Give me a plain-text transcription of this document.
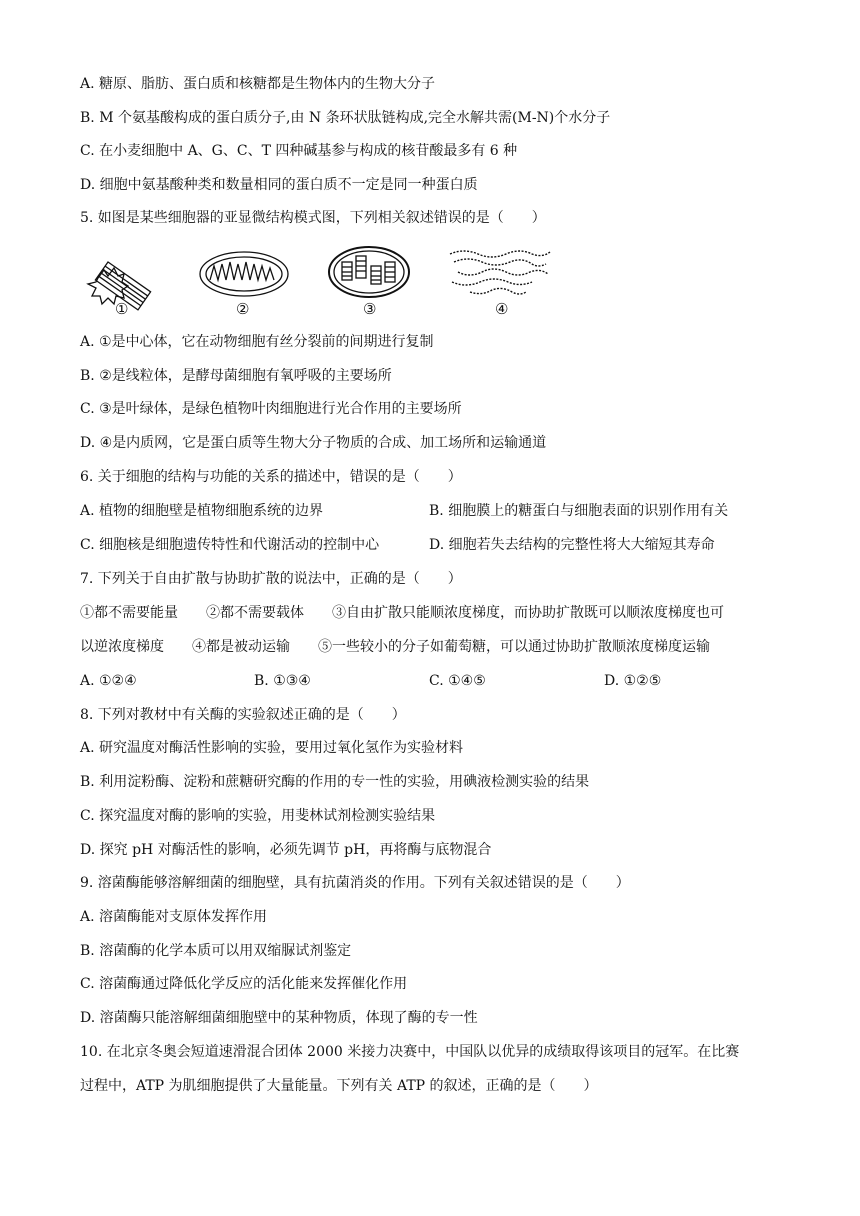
A. 糖原、脂肪、蛋白质和核糖都是生物体内的生物大分子
B. M 个氨基酸构成的蛋白质分子,由 N 条环状肽链构成,完全水解共需(M-N)个水分子
C. 在小麦细胞中 A、G、C、T 四种碱基参与构成的核苷酸最多有 6 种
D. 细胞中氨基酸种类和数量相同的蛋白质不一定是同一种蛋白质
5. 如图是某些细胞器的亚显微结构模式图，下列相关叙述错误的是（　　）
①	②	③	④
A. ①是中心体，它在动物细胞有丝分裂前的间期进行复制
B. ②是线粒体，是酵母菌细胞有氧呼吸的主要场所
C. ③是叶绿体，是绿色植物叶肉细胞进行光合作用的主要场所
D. ④是内质网，它是蛋白质等生物大分子物质的合成、加工场所和运输通道
6. 关于细胞的结构与功能的关系的描述中，错误的是（　　）
A. 植物的细胞壁是植物细胞系统的边界	B. 细胞膜上的糖蛋白与细胞表面的识别作用有关
C. 细胞核是细胞遗传特性和代谢活动的控制中心	D. 细胞若失去结构的完整性将大大缩短其寿命
7. 下列关于自由扩散与协助扩散的说法中，正确的是（　　）
①都不需要能量　　②都不需要载体　　③自由扩散只能顺浓度梯度，而协助扩散既可以顺浓度梯度也可
以逆浓度梯度　　④都是被动运输　　⑤一些较小的分子如葡萄糖，可以通过协助扩散顺浓度梯度运输
A. ①②④	B. ①③④	C. ①④⑤	D. ①②⑤
8. 下列对教材中有关酶的实验叙述正确的是（　　）
A. 研究温度对酶活性影响的实验，要用过氧化氢作为实验材料
B. 利用淀粉酶、淀粉和蔗糖研究酶的作用的专一性的实验，用碘液检测实验的结果
C. 探究温度对酶的影响的实验，用斐林试剂检测实验结果
D. 探究 pH 对酶活性的影响，必须先调节 pH，再将酶与底物混合
9. 溶菌酶能够溶解细菌的细胞壁，具有抗菌消炎的作用。下列有关叙述错误的是（　　）
A. 溶菌酶能对支原体发挥作用
B. 溶菌酶的化学本质可以用双缩脲试剂鉴定
C. 溶菌酶通过降低化学反应的活化能来发挥催化作用
D. 溶菌酶只能溶解细菌细胞壁中的某种物质，体现了酶的专一性
10. 在北京冬奥会短道速滑混合团体 2000 米接力决赛中，中国队以优异的成绩取得该项目的冠军。在比赛
过程中，ATP 为肌细胞提供了大量能量。下列有关 ATP 的叙述，正确的是（　　）
